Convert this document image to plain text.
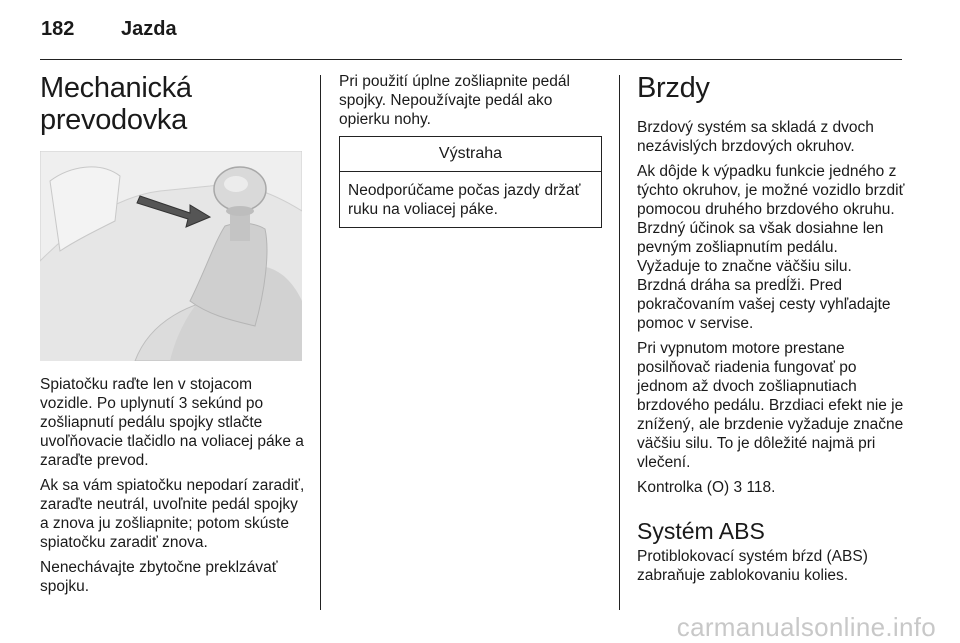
182 Jazda
Mechanická
prevodovka

Spiatočku raďte len v stojacom vozidle. Po uplynutí 3 sekúnd po zošliapnutí pedálu spojky stlačte uvoľňovacie tlačidlo na voliacej páke a zaraďte prevod.

Ak sa vám spiatočku nepodarí zaradiť, zaraďte neutrál, uvoľnite pedál spojky a znova ju zošliapnite; potom skúste spiatočku zaradiť znova.

Nenechávajte zbytočne preklzávať spojku.

Pri použití úplne zošliapnite pedál spojky. Nepoužívajte pedál ako opierku nohy.

Výstraha
Neodporúčame počas jazdy držať ruku na voliacej páke.
Brzdy

Brzdový systém sa skladá z dvoch nezávislých brzdových okruhov.

Ak dôjde k výpadku funkcie jedného z týchto okruhov, je možné vozidlo brzdiť pomocou druhého brzdového okruhu. Brzdný účinok sa však dosiahne len pevným zošliapnutím pedálu. Vyžaduje to značne väčšiu silu. Brzdná dráha sa predĺži. Pred pokračovaním vašej cesty vyhľadajte pomoc v servise.

Pri vypnutom motore prestane posilňovač riadenia fungovať po jednom až dvoch zošliapnutiach brzdového pedálu. Brzdiaci efekt nie je znížený, ale brzdenie vyžaduje značne väčšiu silu. To je dôležité najmä pri vlečení.

Kontrolka (O) 3 118.

Systém ABS

Protiblokovací systém bŕzd (ABS) zabraňuje zablokovaniu kolies.

carmanualsonline.info
